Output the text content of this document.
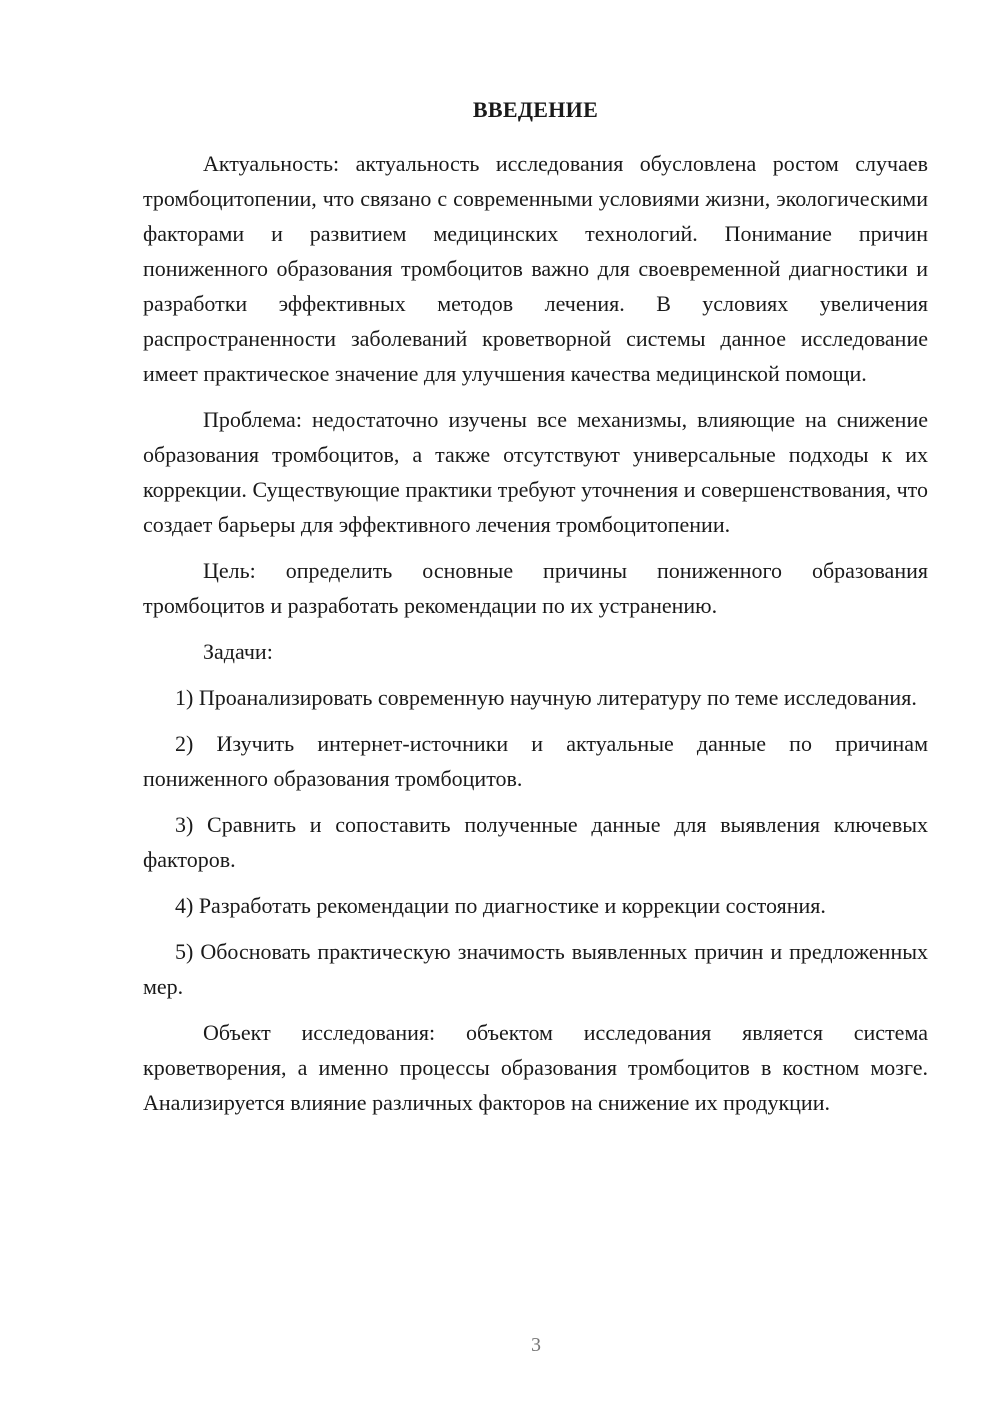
ВВЕДЕНИЕ

Актуальность: актуальность исследования обусловлена ростом случаев тромбоцитопении, что связано с современными условиями жизни, экологическими факторами и развитием медицинских технологий. Понимание причин пониженного образования тромбоцитов важно для своевременной диагностики и разработки эффективных методов лечения. В условиях увеличения распространенности заболеваний кроветворной системы данное исследование имеет практическое значение для улучшения качества медицинской помощи.

Проблема: недостаточно изучены все механизмы, влияющие на снижение образования тромбоцитов, а также отсутствуют универсальные подходы к их коррекции. Существующие практики требуют уточнения и совершенствования, что создает барьеры для эффективного лечения тромбоцитопении.

Цель: определить основные причины пониженного образования тромбоцитов и разработать рекомендации по их устранению.

Задачи:

1) Проанализировать современную научную литературу по теме исследования.

2) Изучить интернет-источники и актуальные данные по причинам пониженного образования тромбоцитов.

3) Сравнить и сопоставить полученные данные для выявления ключевых факторов.

4) Разработать рекомендации по диагностике и коррекции состояния.

5) Обосновать практическую значимость выявленных причин и предложенных мер.

Объект исследования: объектом исследования является система кроветворения, а именно процессы образования тромбоцитов в костном мозге. Анализируется влияние различных факторов на снижение их продукции.

3
